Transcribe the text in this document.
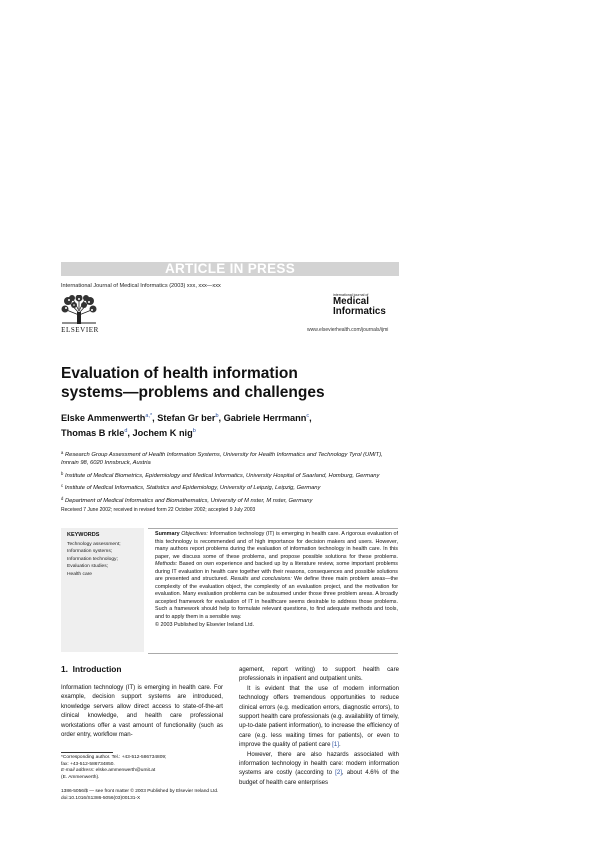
ARTICLE IN PRESS
International Journal of Medical Informatics (2003) xxx, xxx—xxx
ELSEVIER
international journal of
Medical
Informatics
www.elsevierhealth.com/journals/ijmi
Evaluation of health information systems—problems and challenges
Elske Ammenwerth$^{a,*}$, Stefan Gr ber$^b$, Gabriele Herrmann$^c$,
Thomas B rkle$^d$, Jochem K nig$^b$

$^a$ Research Group Assessment of Health Information Systems, University for Health Informatics and Technology Tyrol (UMIT), Innrain 98, 6020 Innsbruck, Austria

$^b$ Institute of Medical Biometrics, Epidemiology and Medical Informatics, University Hospital of Saarland, Homburg, Germany

$^c$ Institute of Medical Informatics, Statistics and Epidemiology, University of Leipzig, Leipzig, Germany

$^d$ Department of Medical Informatics and Biomathematics, University of M nster, M nster, Germany

Received 7 June 2002; received in revised form 22 October 2002; accepted 9 July 2003
KEYWORDS
Technology assessment;
Information systems;
Information technology;
Evaluation studies;
Health care
Summary Objectives: Information technology (IT) is emerging in health care. A rigorous evaluation of this technology is recommended and of high importance for decision makers and users. However, many authors report problems during the evaluation of information technology in health care. In this paper, we discuss some of these problems, and propose possible solutions for these problems. Methods: Based on own experience and backed up by a literature review, some important problems during IT evaluation in health care together with their reasons, consequences and possible solutions are presented and structured. Results and conclusions: We define three main problem areas—the complexity of the evaluation object, the complexity of an evaluation project, and the motivation for evaluation. Many evaluation problems can be subsumed under those three problem areas. A broadly accepted framework for evaluation of IT in healthcare seems desirable to address those problems. Such a framework should help to formulate relevant questions, to find adequate methods and tools, and to apply them in a sensible way.
© 2003 Published by Elsevier Ireland Ltd.
1. Introduction

Information technology (IT) is emerging in health care. For example, decision support systems are introduced, knowledge servers allow direct access to state-of-the-art clinical knowledge, and health care professional workstations offer a vast amount of functionality (such as order entry, workflow man-

agement, report writing) to support health care professionals in inpatient and outpatient units.

It is evident that the use of modern information technology offers tremendous opportunities to reduce clinical errors (e.g. medication errors, diagnostic errors), to support health care professionals (e.g. availability of timely, up-to-date patient information), to increase the efficiency of care (e.g. less waiting times for patients), or even to improve the quality of patient care [1].

However, there are also hazards associated with information technology in health care: modern information systems are costly (according to [2], about 4.6% of the budget of health care enterprises

*Corresponding author. Tel.: +43-512-586734809;
fax: +43-512-586734850.
E-mail address: elske.ammenwerth@umit.at
(E. Ammenwerth).
1386-5056/$ — see front matter © 2003 Published by Elsevier Ireland Ltd.
doi:10.1016/S1386-5056(03)00131-X
